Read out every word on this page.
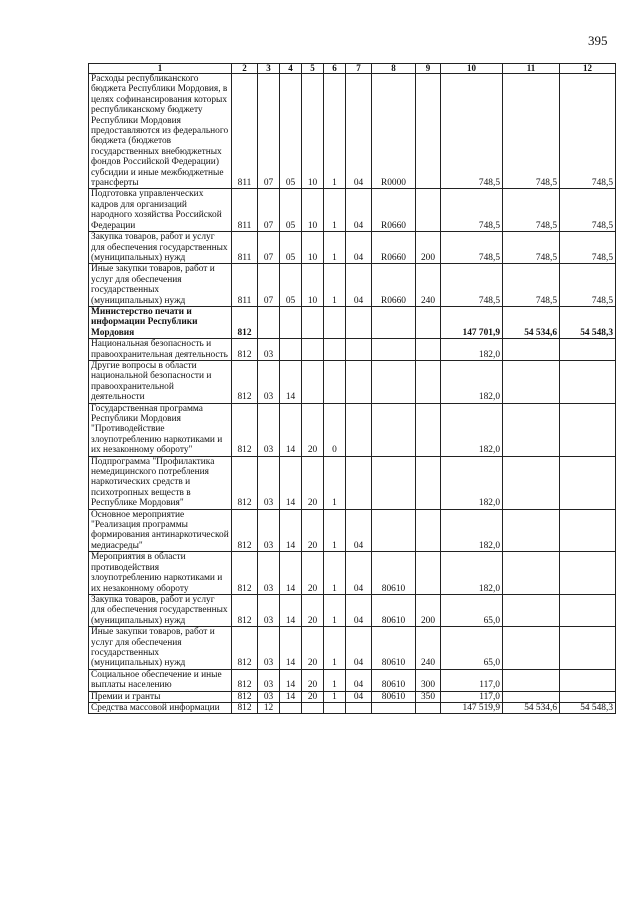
395
1	2	3	4	5	6	7	8	9	10	11	12
Расходы республиканского бюджета Республики Мордовия, в целях софинансирования которых республиканскому бюджету Республики Мордовия предоставляются из федерального бюджета (бюджетов государственных внебюджетных фондов Российской Федерации) субсидии и иные межбюджетные трансферты	811	07	05	10	1	04	R0000		748,5	748,5	748,5
Подготовка управленческих кадров для организаций народного хозяйства Российской Федерации	811	07	05	10	1	04	R0660		748,5	748,5	748,5
Закупка товаров, работ и услуг для обеспечения государственных (муниципальных) нужд	811	07	05	10	1	04	R0660	200	748,5	748,5	748,5
Иные закупки товаров, работ и услуг для обеспечения государственных (муниципальных) нужд	811	07	05	10	1	04	R0660	240	748,5	748,5	748,5
Министерство печати и информации Республики Мордовия	812								147 701,9	54 534,6	54 548,3
Национальная безопасность и правоохранительная деятельность	812	03							182,0		
Другие вопросы в области национальной безопасности и правоохранительной деятельности	812	03	14						182,0		
Государственная программа Республики Мордовия "Противодействие злоупотреблению наркотиками и их незаконному обороту"	812	03	14	20	0				182,0		
Подпрограмма "Профилактика немедицинского потребления наркотических средств и психотропных веществ в Республике Мордовия"	812	03	14	20	1				182,0		
Основное мероприятие "Реализация программы формирования антинаркотической медиасреды"	812	03	14	20	1	04			182,0		
Мероприятия в области противодействия злоупотреблению наркотиками и их незаконному обороту	812	03	14	20	1	04	80610		182,0		
Закупка товаров, работ и услуг для обеспечения государственных (муниципальных) нужд	812	03	14	20	1	04	80610	200	65,0		
Иные закупки товаров, работ и услуг для обеспечения государственных (муниципальных) нужд	812	03	14	20	1	04	80610	240	65,0		
Социальное обеспечение и иные выплаты населению	812	03	14	20	1	04	80610	300	117,0		
Премии и гранты	812	03	14	20	1	04	80610	350	117,0		
Средства массовой информации	812	12							147 519,9	54 534,6	54 548,3
